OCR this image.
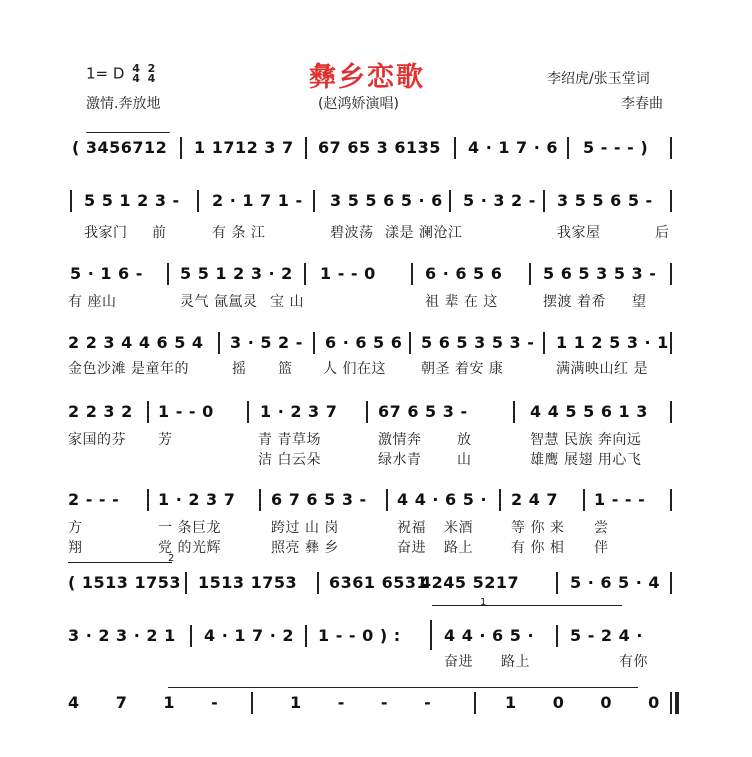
1= D 4
4

2
4
激情.奔放地
彝乡恋歌
(赵鸿娇演唱)
李绍虎/张玉堂词
李春曲
( 3456712 1 1712 3 7 67 65 3 6135 4 · 1 7 · 6 5 - - - )
5 5 1 2 3 - 2 · 1 7 1 - 3 5 5 6 5 · 6 5 · 3 2 - 3 5 5 6 5 -
我家门 前	有 条 江	碧波荡 漾是 澜沧江	我家屋	后
5 · 1 6 - 5 5 1 2 3 · 2 1 - - 0	6 · 6 5 6	5 6 5 3 5 3 -
有 座山	灵气 氤氲灵 宝 山	祖 辈 在 这	摆渡 着希 望
2 2 3 4 4 6 5 4 3 · 5 2 - 6 · 6 5 6 5 6 5 3 5 3 - 1 1 2 5 3 · 1
金色沙滩 是童年的	摇 篮 人 们在这	朝圣 着安 康	满满映山红 是
2 2 3 2 1 - - 0	1 · 2 3 7	67 6 5 3 -	4 4 5 5 6 1 3
家国的芬 芳	青 青草场	激情奔	放	智慧 民族 奔向远
洁 白云朵	绿水青	山	雄鹰 展翅 用心飞
2 - - - 1 · 2 3 7 6 7 6 5 3 - 4 4 · 6 5 · 2 4 7 1 - - -
方	一 条巨龙	跨过 山 岗	祝福 米酒	等 你 来 尝
翔	党 的光辉	照亮 彝 乡	奋进 路上	有 你 相 伴
2
( 1513 1753 1513 1753 6361 6531
4245 5217	5 · 6 5 · 4
1
3 · 2 3 · 2 1 4 · 1 7 · 2 1 - - 0 ) :	4 4 · 6 5 · 5 - 2 4 ·
奋进 路上	有你
4 7 1 -	1 - - -	1 0 0 0
